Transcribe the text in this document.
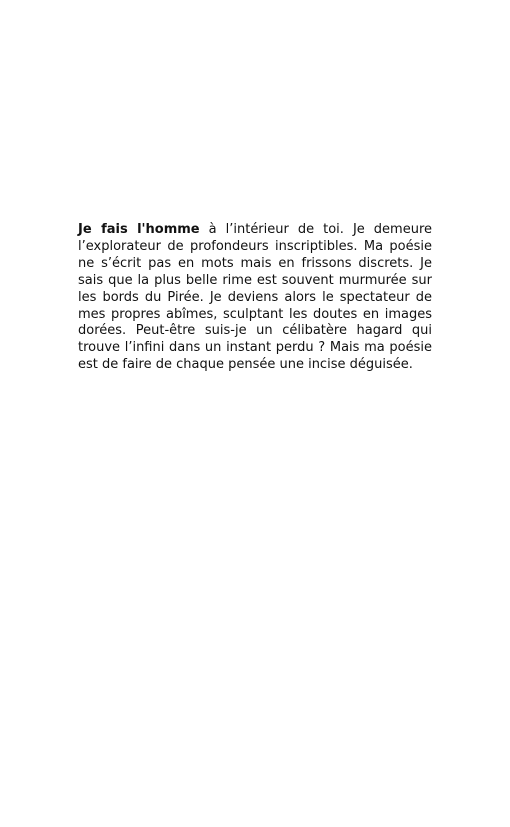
Je fais l'homme à l’intérieur de toi. Je demeure l’explorateur de profondeurs inscriptibles. Ma poésie ne s’écrit pas en mots mais en frissons discrets. Je sais que la plus belle rime est souvent murmurée sur les bords du Pirée. Je deviens alors le spectateur de mes propres abîmes, sculptant les doutes en images dorées. Peut-être suis-je un célibatère hagard qui trouve l’infini dans un instant perdu ? Mais ma poésie est de faire de chaque pensée une incise déguisée.
